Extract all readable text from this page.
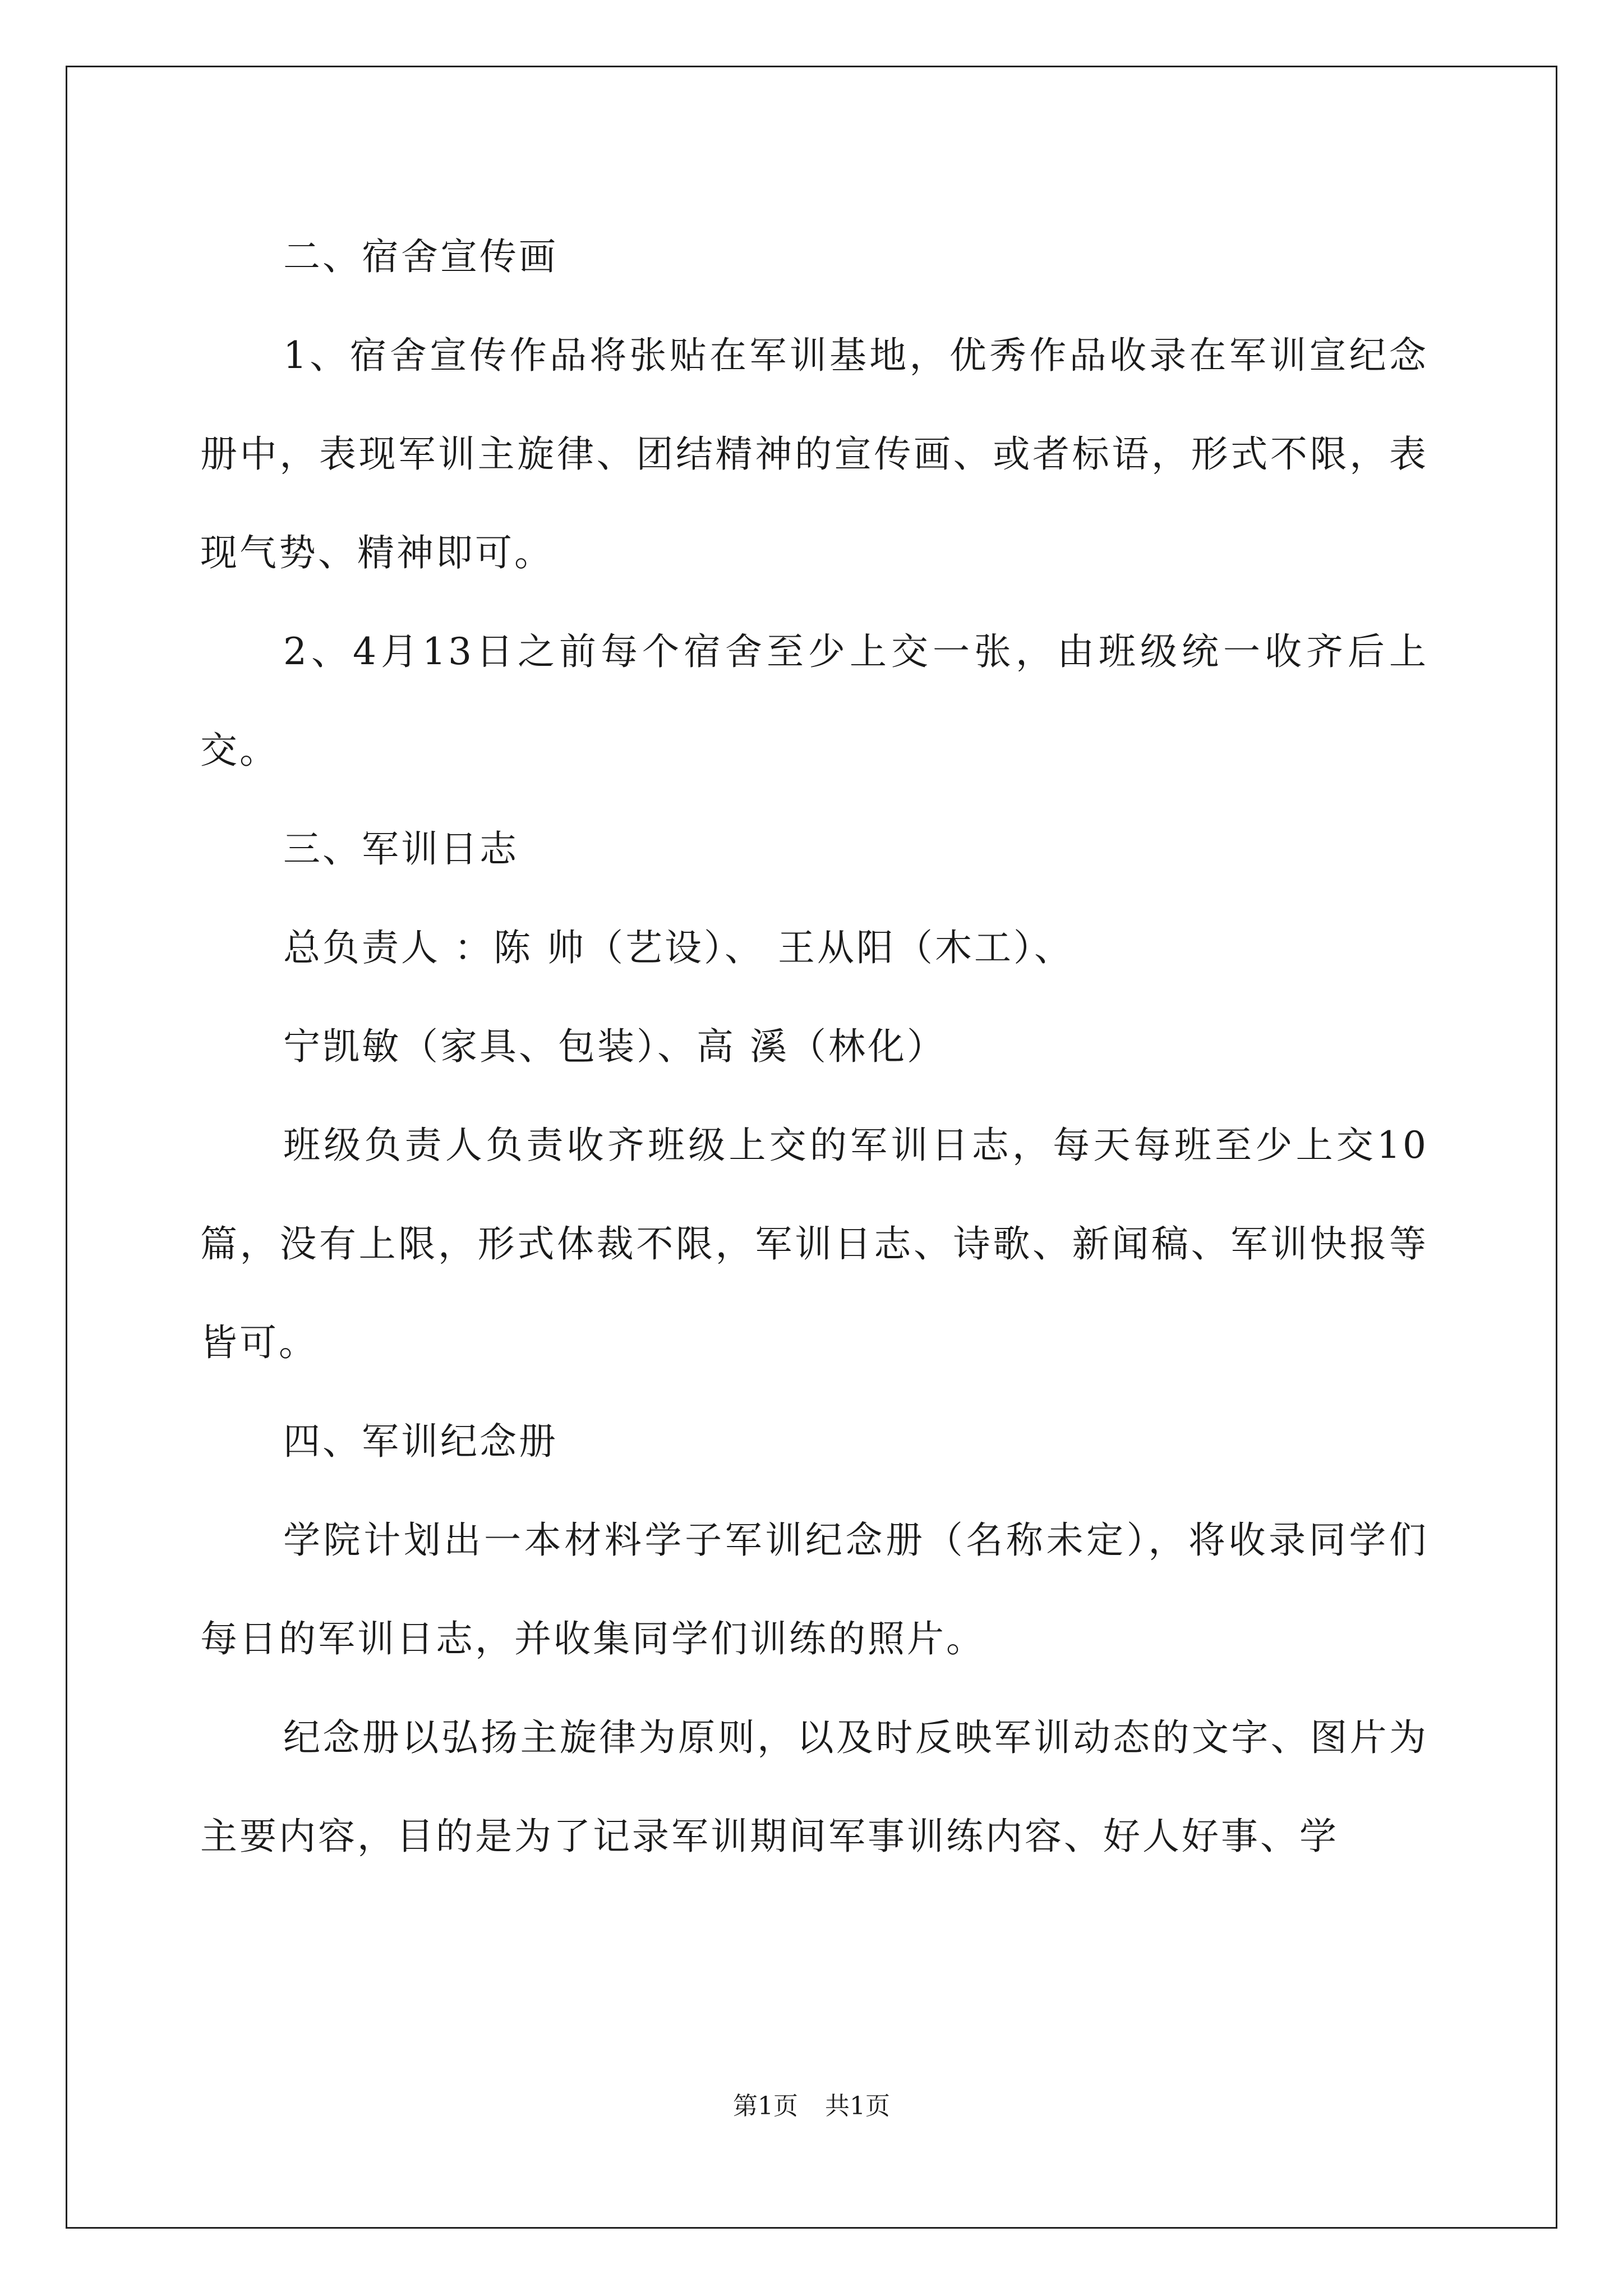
二、宿舍宣传画

1、宿舍宣传作品将张贴在军训基地，优秀作品收录在军训宣纪念册中，表现军训主旋律、团结精神的宣传画、或者标语，形式不限，表现气势、精神即可。

2、4月13日之前每个宿舍至少上交一张，由班级统一收齐后上交。

三、军训日志

总负责人 ：陈 帅（艺设）、 王从阳（木工）、

宁凯敏（家具、包装）、高 溪（林化）

班级负责人负责收齐班级上交的军训日志，每天每班至少上交10篇，没有上限，形式体裁不限，军训日志、诗歌、新闻稿、军训快报等皆可。

四、军训纪念册

学院计划出一本材料学子军训纪念册（名称未定），将收录同学们每日的军训日志，并收集同学们训练的照片。

纪念册以弘扬主旋律为原则，以及时反映军训动态的文字、图片为主要内容，目的是为了记录军训期间军事训练内容、好人好事、学

第1页 共1页
